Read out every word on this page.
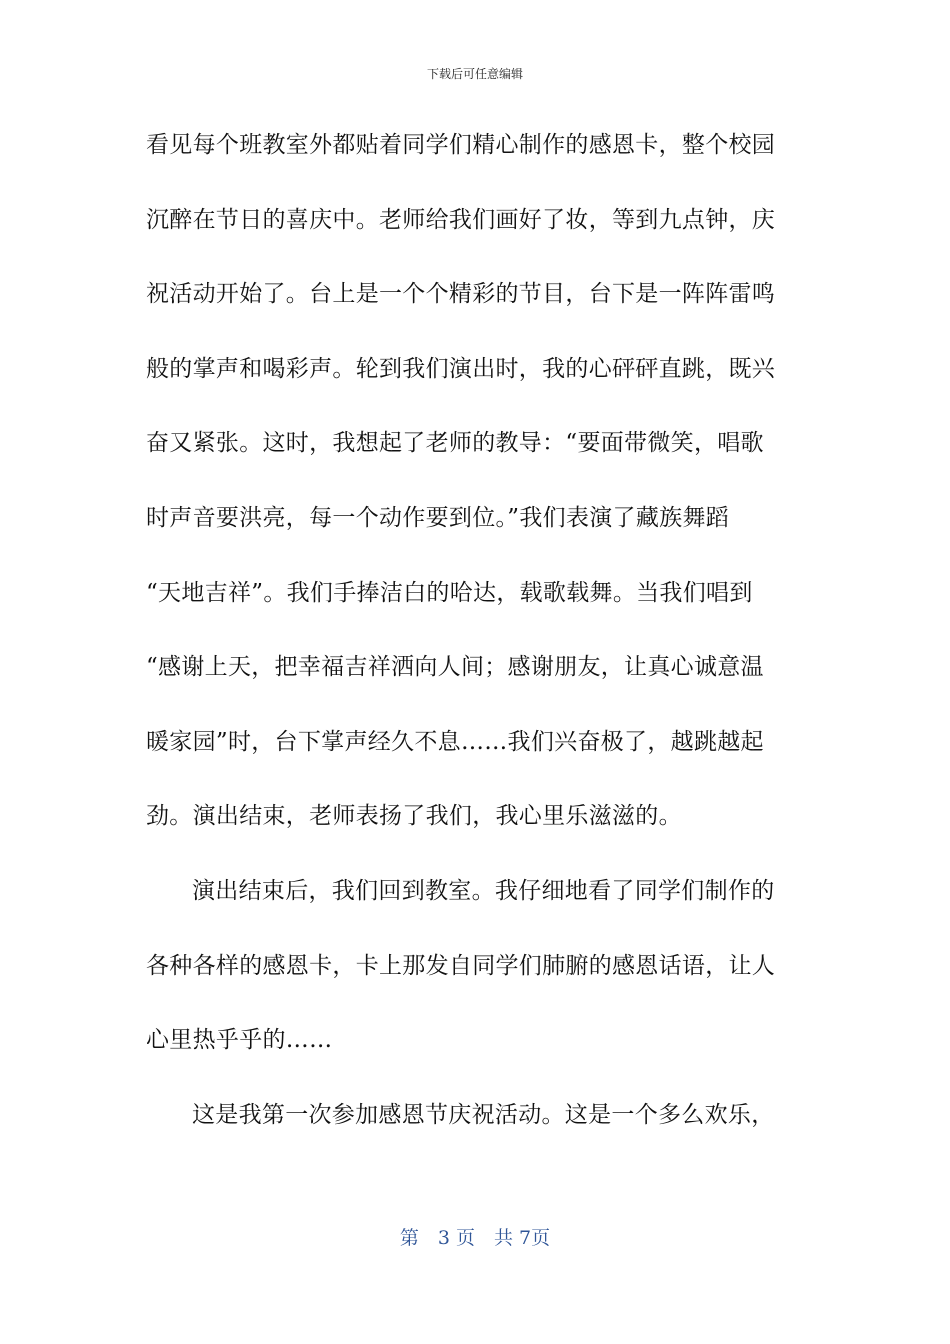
下载后可任意编辑
看见每个班教室外都贴着同学们精心制作的感恩卡，整个校园
沉醉在节日的喜庆中。老师给我们画好了妆，等到九点钟，庆
祝活动开始了。台上是一个个精彩的节目，台下是一阵阵雷鸣
般的掌声和喝彩声。轮到我们演出时，我的心砰砰直跳，既兴
奋又紧张。这时，我想起了老师的教导：“要面带微笑，唱歌
时声音要洪亮，每一个动作要到位。”我们表演了藏族舞蹈
“天地吉祥”。我们手捧洁白的哈达，载歌载舞。当我们唱到
“感谢上天，把幸福吉祥洒向人间；感谢朋友，让真心诚意温
暖家园”时，台下掌声经久不息……我们兴奋极了，越跳越起
劲。演出结束，老师表扬了我们，我心里乐滋滋的。
演出结束后，我们回到教室。我仔细地看了同学们制作的
各种各样的感恩卡，卡上那发自同学们肺腑的感恩话语，让人
心里热乎乎的……
这是我第一次参加感恩节庆祝活动。这是一个多么欢乐，
第　3 页　共 7页
